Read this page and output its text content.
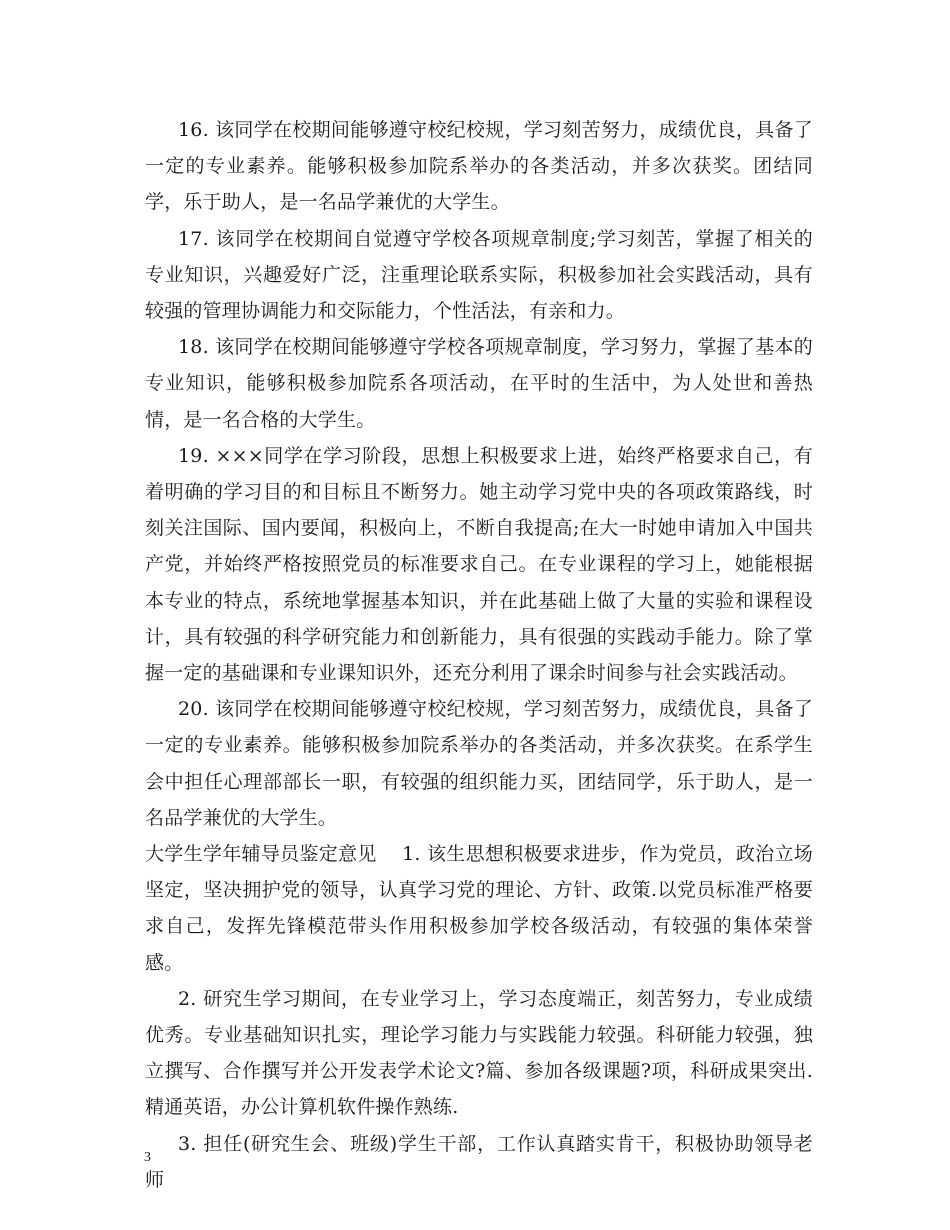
16. 该同学在校期间能够遵守校纪校规，学习刻苦努力，成绩优良，具备了一定的专业素养。能够积极参加院系举办的各类活动，并多次获奖。团结同学，乐于助人，是一名品学兼优的大学生。

17. 该同学在校期间自觉遵守学校各项规章制度;学习刻苦，掌握了相关的专业知识，兴趣爱好广泛，注重理论联系实际，积极参加社会实践活动，具有较强的管理协调能力和交际能力，个性活法，有亲和力。

18. 该同学在校期间能够遵守学校各项规章制度，学习努力，掌握了基本的专业知识，能够积极参加院系各项活动，在平时的生活中，为人处世和善热情，是一名合格的大学生。

19. ×××同学在学习阶段，思想上积极要求上进，始终严格要求自己，有着明确的学习目的和目标且不断努力。她主动学习党中央的各项政策路线，时刻关注国际、国内要闻，积极向上，不断自我提高;在大一时她申请加入中国共产党，并始终严格按照党员的标准要求自己。在专业课程的学习上，她能根据本专业的特点，系统地掌握基本知识，并在此基础上做了大量的实验和课程设计，具有较强的科学研究能力和创新能力，具有很强的实践动手能力。除了掌握一定的基础课和专业课知识外，还充分利用了课余时间参与社会实践活动。

20. 该同学在校期间能够遵守校纪校规，学习刻苦努力，成绩优良，具备了一定的专业素养。能够积极参加院系举办的各类活动，并多次获奖。在系学生会中担任心理部部长一职，有较强的组织能力买，团结同学，乐于助人，是一名品学兼优的大学生。

大学生学年辅导员鉴定意见    1. 该生思想积极要求进步，作为党员，政治立场坚定，坚决拥护党的领导，认真学习党的理论、方针、政策.以党员标准严格要求自己，发挥先锋模范带头作用积极参加学校各级活动，有较强的集体荣誉感。

2. 研究生学习期间，在专业学习上，学习态度端正，刻苦努力，专业成绩优秀。专业基础知识扎实，理论学习能力与实践能力较强。科研能力较强，独立撰写、合作撰写并公开发表学术论文?篇、参加各级课题?项，科研成果突出.精通英语，办公计算机软件操作熟练.

3. 担任(研究生会、班级)学生干部，工作认真踏实肯干，积极协助领导老师

3
